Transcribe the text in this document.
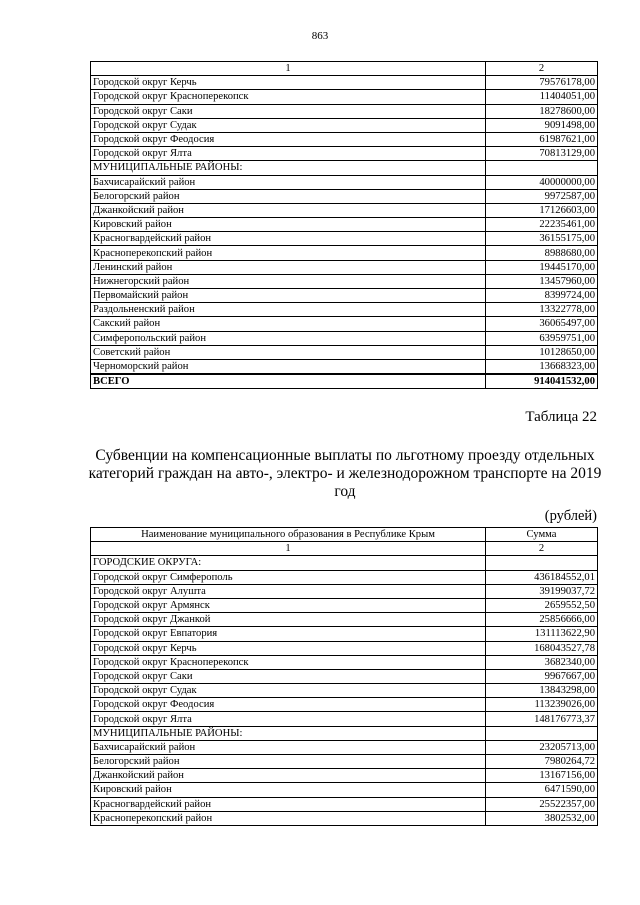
863
1	2
Городской округ Керчь	79576178,00
Городской округ Красноперекопск	11404051,00
Городской округ Саки	18278600,00
Городской округ Судак	9091498,00
Городской округ Феодосия	61987621,00
Городской округ Ялта	70813129,00
МУНИЦИПАЛЬНЫЕ РАЙОНЫ:	
Бахчисарайский район	40000000,00
Белогорский район	9972587,00
Джанкойский район	17126603,00
Кировский район	22235461,00
Красногвардейский район	36155175,00
Красноперекопский район	8988680,00
Ленинский район	19445170,00
Нижнегорский район	13457960,00
Первомайский район	8399724,00
Раздольненский район	13322778,00
Сакский район	36065497,00
Симферопольский район	63959751,00
Советский район	10128650,00
Черноморский район	13668323,00
ВСЕГО	914041532,00
Таблица 22
Субвенции на компенсационные выплаты по льготному проезду отдельных категорий граждан на авто-, электро- и железнодорожном транспорте на 2019 год
(рублей)
Наименование муниципального образования в Республике Крым	Сумма
1	2
ГОРОДСКИЕ ОКРУГА:	
Городской округ Симферополь	436184552,01
Городской округ Алушта	39199037,72
Городской округ Армянск	2659552,50
Городской округ Джанкой	25856666,00
Городской округ Евпатория	131113622,90
Городской округ Керчь	168043527,78
Городской округ Красноперекопск	3682340,00
Городской округ Саки	9967667,00
Городской округ Судак	13843298,00
Городской округ Феодосия	113239026,00
Городской округ Ялта	148176773,37
МУНИЦИПАЛЬНЫЕ РАЙОНЫ:	
Бахчисарайский район	23205713,00
Белогорский район	7980264,72
Джанкойский район	13167156,00
Кировский район	6471590,00
Красногвардейский район	25522357,00
Красноперекопский район	3802532,00
